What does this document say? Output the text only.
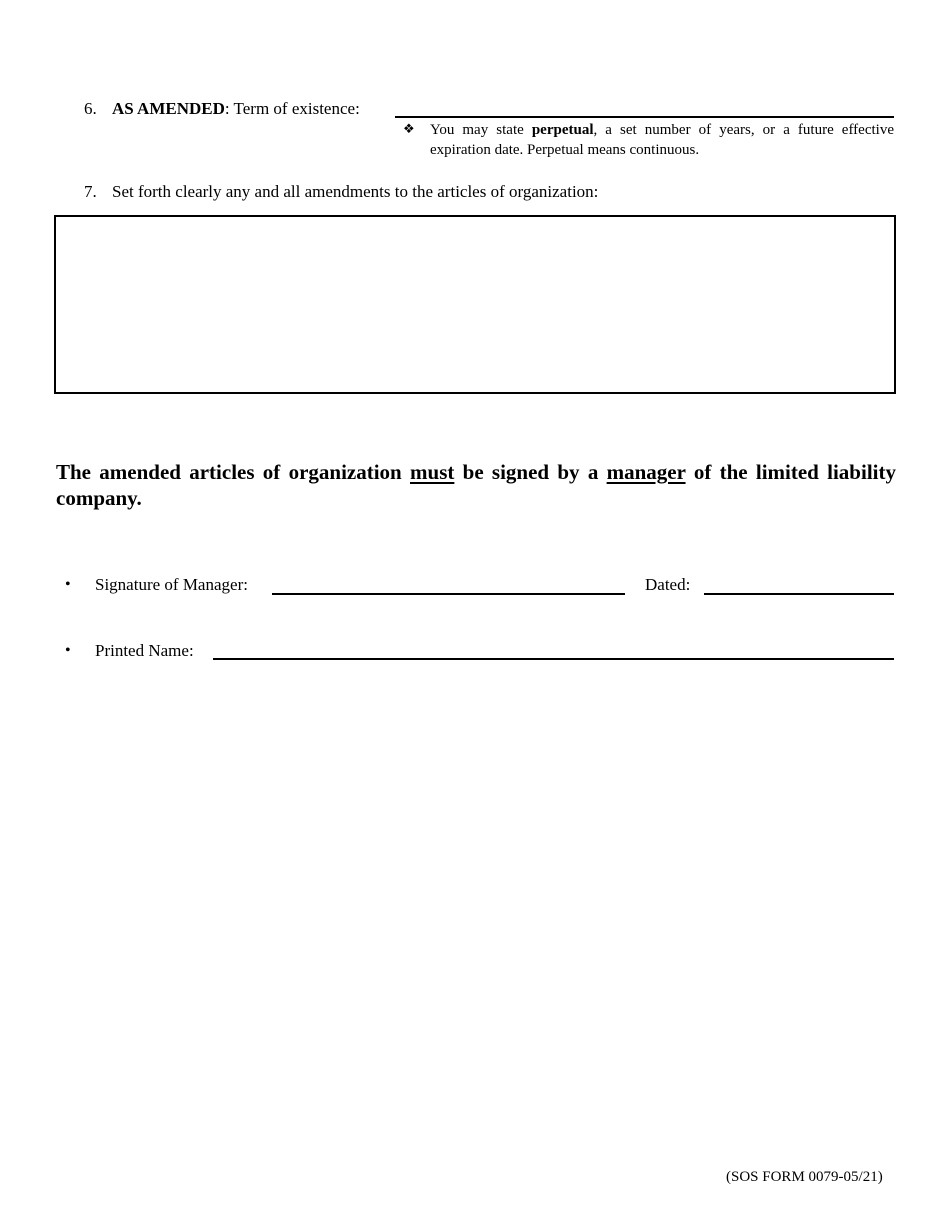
6. AS AMENDED: Term of existence:
❖ You may state perpetual, a set number of years, or a future effective expiration date. Perpetual means continuous.
7. Set forth clearly any and all amendments to the articles of organization:
The amended articles of organization must be signed by a manager of the limited liability company.
• Signature of Manager:	Dated:
• Printed Name:
(SOS FORM 0079-05/21)
